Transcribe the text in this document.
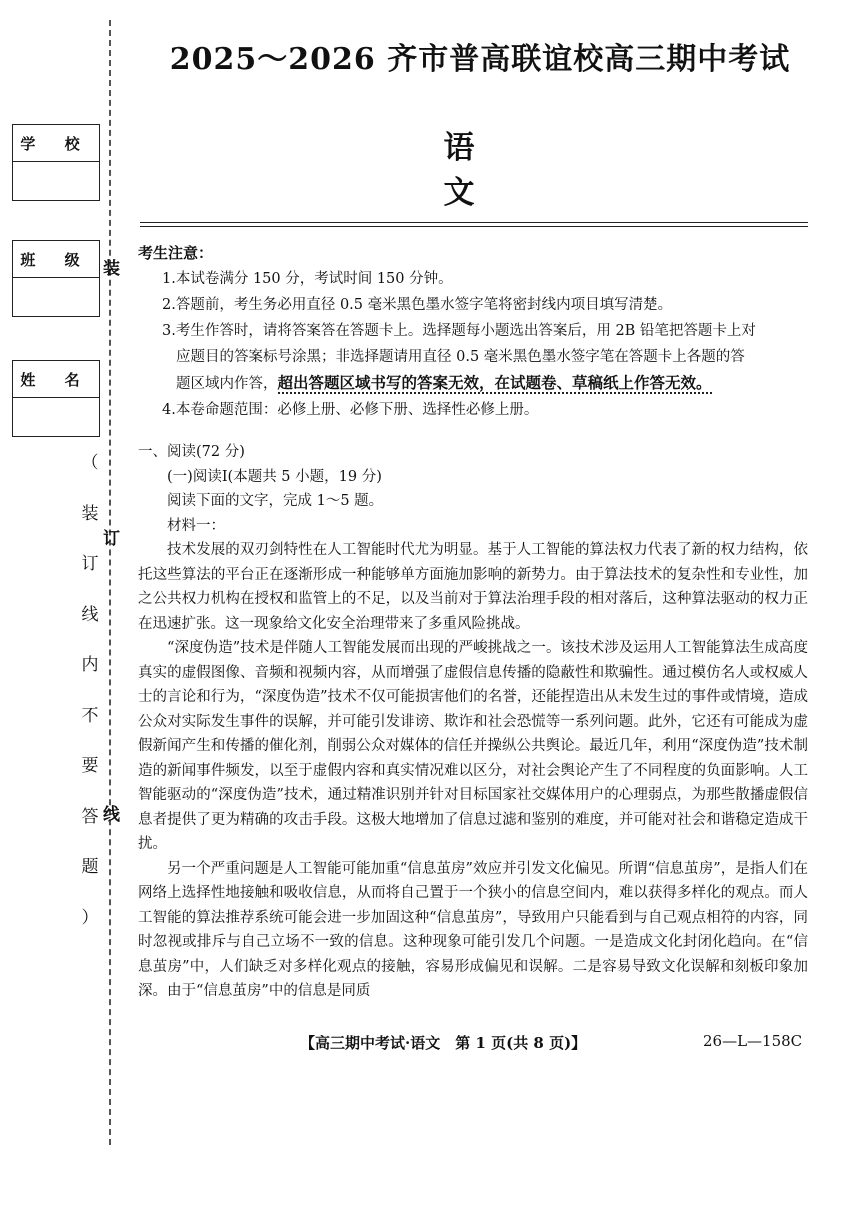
学 校
班 级
姓 名
装
订
线
（
装
订
线
内
不
要
答
题
）
2025～2026 齐市普高联谊校高三期中考试
语　文

考生注意：

1.本试卷满分 150 分，考试时间 150 分钟。

2.答题前，考生务必用直径 0.5 毫米黑色墨水签字笔将密封线内项目填写清楚。

3.考生作答时，请将答案答在答题卡上。选择题每小题选出答案后，用 2B 铅笔把答题卡上对

应题目的答案标号涂黑；非选择题请用直径 0.5 毫米黑色墨水签字笔在答题卡上各题的答

题区域内作答，超出答题区域书写的答案无效，在试题卷、草稿纸上作答无效。

4.本卷命题范围：必修上册、必修下册、选择性必修上册。

一、阅读(72 分)

(一)阅读Ⅰ(本题共 5 小题，19 分)

阅读下面的文字，完成 1～5 题。

材料一：

技术发展的双刃剑特性在人工智能时代尤为明显。基于人工智能的算法权力代表了新的权力结构，依托这些算法的平台正在逐渐形成一种能够单方面施加影响的新势力。由于算法技术的复杂性和专业性，加之公共权力机构在授权和监管上的不足，以及当前对于算法治理手段的相对落后，这种算法驱动的权力正在迅速扩张。这一现象给文化安全治理带来了多重风险挑战。

“深度伪造”技术是伴随人工智能发展而出现的严峻挑战之一。该技术涉及运用人工智能算法生成高度真实的虚假图像、音频和视频内容，从而增强了虚假信息传播的隐蔽性和欺骗性。通过模仿名人或权威人士的言论和行为，“深度伪造”技术不仅可能损害他们的名誉，还能捏造出从未发生过的事件或情境，造成公众对实际发生事件的误解，并可能引发诽谤、欺诈和社会恐慌等一系列问题。此外，它还有可能成为虚假新闻产生和传播的催化剂，削弱公众对媒体的信任并操纵公共舆论。最近几年，利用“深度伪造”技术制造的新闻事件频发，以至于虚假内容和真实情况难以区分，对社会舆论产生了不同程度的负面影响。人工智能驱动的“深度伪造”技术，通过精准识别并针对目标国家社交媒体用户的心理弱点，为那些散播虚假信息者提供了更为精确的攻击手段。这极大地增加了信息过滤和鉴别的难度，并可能对社会和谐稳定造成干扰。

另一个严重问题是人工智能可能加重“信息茧房”效应并引发文化偏见。所谓“信息茧房”，是指人们在网络上选择性地接触和吸收信息，从而将自己置于一个狭小的信息空间内，难以获得多样化的观点。而人工智能的算法推荐系统可能会进一步加固这种“信息茧房”，导致用户只能看到与自己观点相符的内容，同时忽视或排斥与自己立场不一致的信息。这种现象可能引发几个问题。一是造成文化封闭化趋向。在“信息茧房”中，人们缺乏对多样化观点的接触，容易形成偏见和误解。二是容易导致文化误解和刻板印象加深。由于“信息茧房”中的信息是同质

【高三期中考试·语文　第 1 页(共 8 页)】	26—L—158C
